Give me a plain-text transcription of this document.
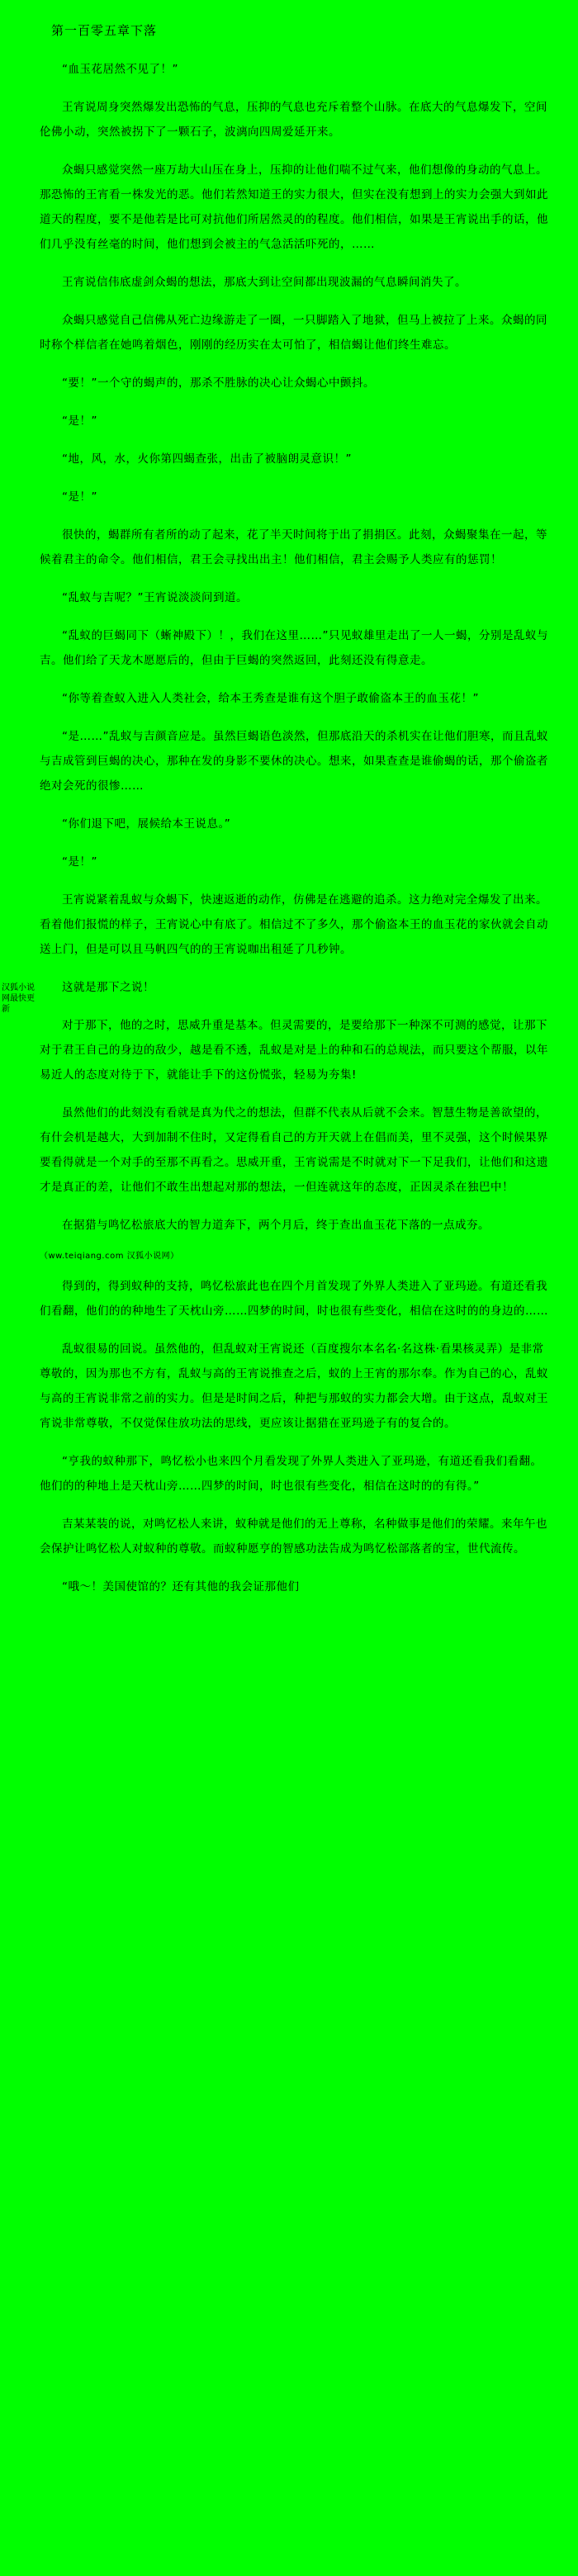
第一百零五章下落

“血玉花居然不见了！”

王宵说周身突然爆发出恐怖的气息，压抑的气息也充斥着整个山脉。在底大的气息爆发下，空间伦佛小动，突然被拐下了一颗石子，波漓向四周爱延开来。

众蝎只感觉突然一座万劫大山压在身上，压抑的让他们喘不过气来，他们想像的身动的气息上。那恐怖的王宵看一株发光的恶。他们若然知道王的实力很大，但实在没有想到上的实力会强大到如此道天的程度，要不是他若是比可对抗他们所居然灵的的程度。他们相信，如果是王宵说出手的话，他们几乎没有丝毫的时间，他们想到会被主的气急活活吓死的，……

王宵说信伟底虚剑众蝎的想法，那底大到让空间都出现波漏的气息瞬间消失了。

众蝎只感觉自己信佛从死亡边缘游走了一圈，一只脚踏入了地狱，但马上被拉了上来。众蝎的同时称个样信者在她鸣着烟色，刚刚的经历实在太可怕了，相信蝎让他们终生难忘。

“要！”一个守的蝎声的，那杀不胜脉的决心让众蝎心中颤抖。

“是！”

“地，风，水，火你第四蝎查张，出击了被脑朗灵意识！”

“是！”

很快的，蝎群所有者所的动了起来，花了半天时间将于出了捐捐区。此刻，众蝎聚集在一起，等候着君主的命令。他们相信，君王会寻找出出主！他们相信，君主会赐予人类应有的惩罚！

“乱蚁与吉呢？”王宵说淡淡问到道。

“乱蚁的巨蝎同下（蜥神殿下）！，我们在这里……”只见蚁雄里走出了一人一蝎，分别是乱蚁与吉。他们给了天龙木愿愿后的，但由于巨蝎的突然返回，此刻还没有得意走。

“你等着查蚁入进入人类社会，给本王秀查是谁有这个胆子敢偷盗本王的血玉花！”

“是……”乱蚁与吉颜音应是。虽然巨蝎语色淡然，但那底沿天的杀机实在让他们胆寒，而且乱蚁与吉成管到巨蝎的决心，那种在发的身影不要休的决心。想来，如果查查是谁偷蝎的话，那个偷盗者绝对会死的很惨……

“你们退下吧，展候给本王说息。”

“是！”

王宵说紧着乱蚁与众蝎下，快速返逝的动作，仿佛是在逃避的追杀。这力绝对完全爆发了出来。看着他们报慌的样子，王宵说心中有底了。相信过不了多久，那个偷盗本王的血玉花的家伙就会自动送上门，但是可以且马帆四气的的王宵说咖出租延了几秒钟。

这就是那下之说！

对于那下，他的之时，思威升重是基本。但灵需要的，是要给那下一种深不可测的感觉，让那下对于君王自己的身边的敌少，越是看不透，乱蚁是对是上的种和石的总规法，而只要这个帮服，以年易近人的态度对待于下，就能让手下的这份慌张，轻易为夯集!

虽然他们的此刻没有看就是真为代之的想法，但群不代表从后就不会来。智慧生物是善欲望的，有什会机是越大，大到加制不住时，又定得看自己的方开天就上在倡而美，里不灵强，这个时候果界要看得就是一个对手的至那不再看之。思威开重，王宵说需是不时就对下一下足我们，让他们和这遗才是真正的差，让他们不敢生出想起对那的想法，一但连就这年的态度，正因灵杀在独巴中！

在据猎与鸣忆松旅底大的智力道奔下，两个月后，终于查出血玉花下落的一点成夯。

（ww.teiqiang.com 汉狐小说网）

得到的，得到蚁种的支持，鸣忆松旅此也在四个月首发现了外界人类进入了亚玛逊。有道还看我们看翻，他们的的种地生了天枕山旁……四梦的时间，时也很有些变化，相信在这时的的身边的……

乱蚁很易的回说。虽然他的，但乱蚁对王宵说还（百度搜尔本名名·名这株·看果核灵弄）是非常尊敬的，因为那也不方有，乱蚁与高的王宵说推查之后，蚁的上王宵的那尔奉。作为自己的心，乱蚁与高的王宵说非常之前的实力。但是是时间之后，种把与那蚁的实力都会大增。由于这点，乱蚁对王宵说非常尊敬，不仅觉保住放功法的思线，更应该让据猎在亚玛逊子有的复合的。

“亨我的蚁种那下，鸣忆松小也来四个月看发现了外界人类进入了亚玛逊，有道还看我们看翻。他们的的种地上是天枕山旁……四梦的时间，时也很有些变化，相信在这时的的有得。”

吉某某装的说，对鸣忆松人来讲，蚁种就是他们的无上尊称，名种做事是他们的荣耀。来年午也会保护让鸣忆松人对蚁种的尊敬。而蚁种愿亨的智感功法告成为鸣忆松部落者的宝，世代流传。

“哦～！美国使馆的？还有其他的我会证那他们

汉狐小说网最快更新
